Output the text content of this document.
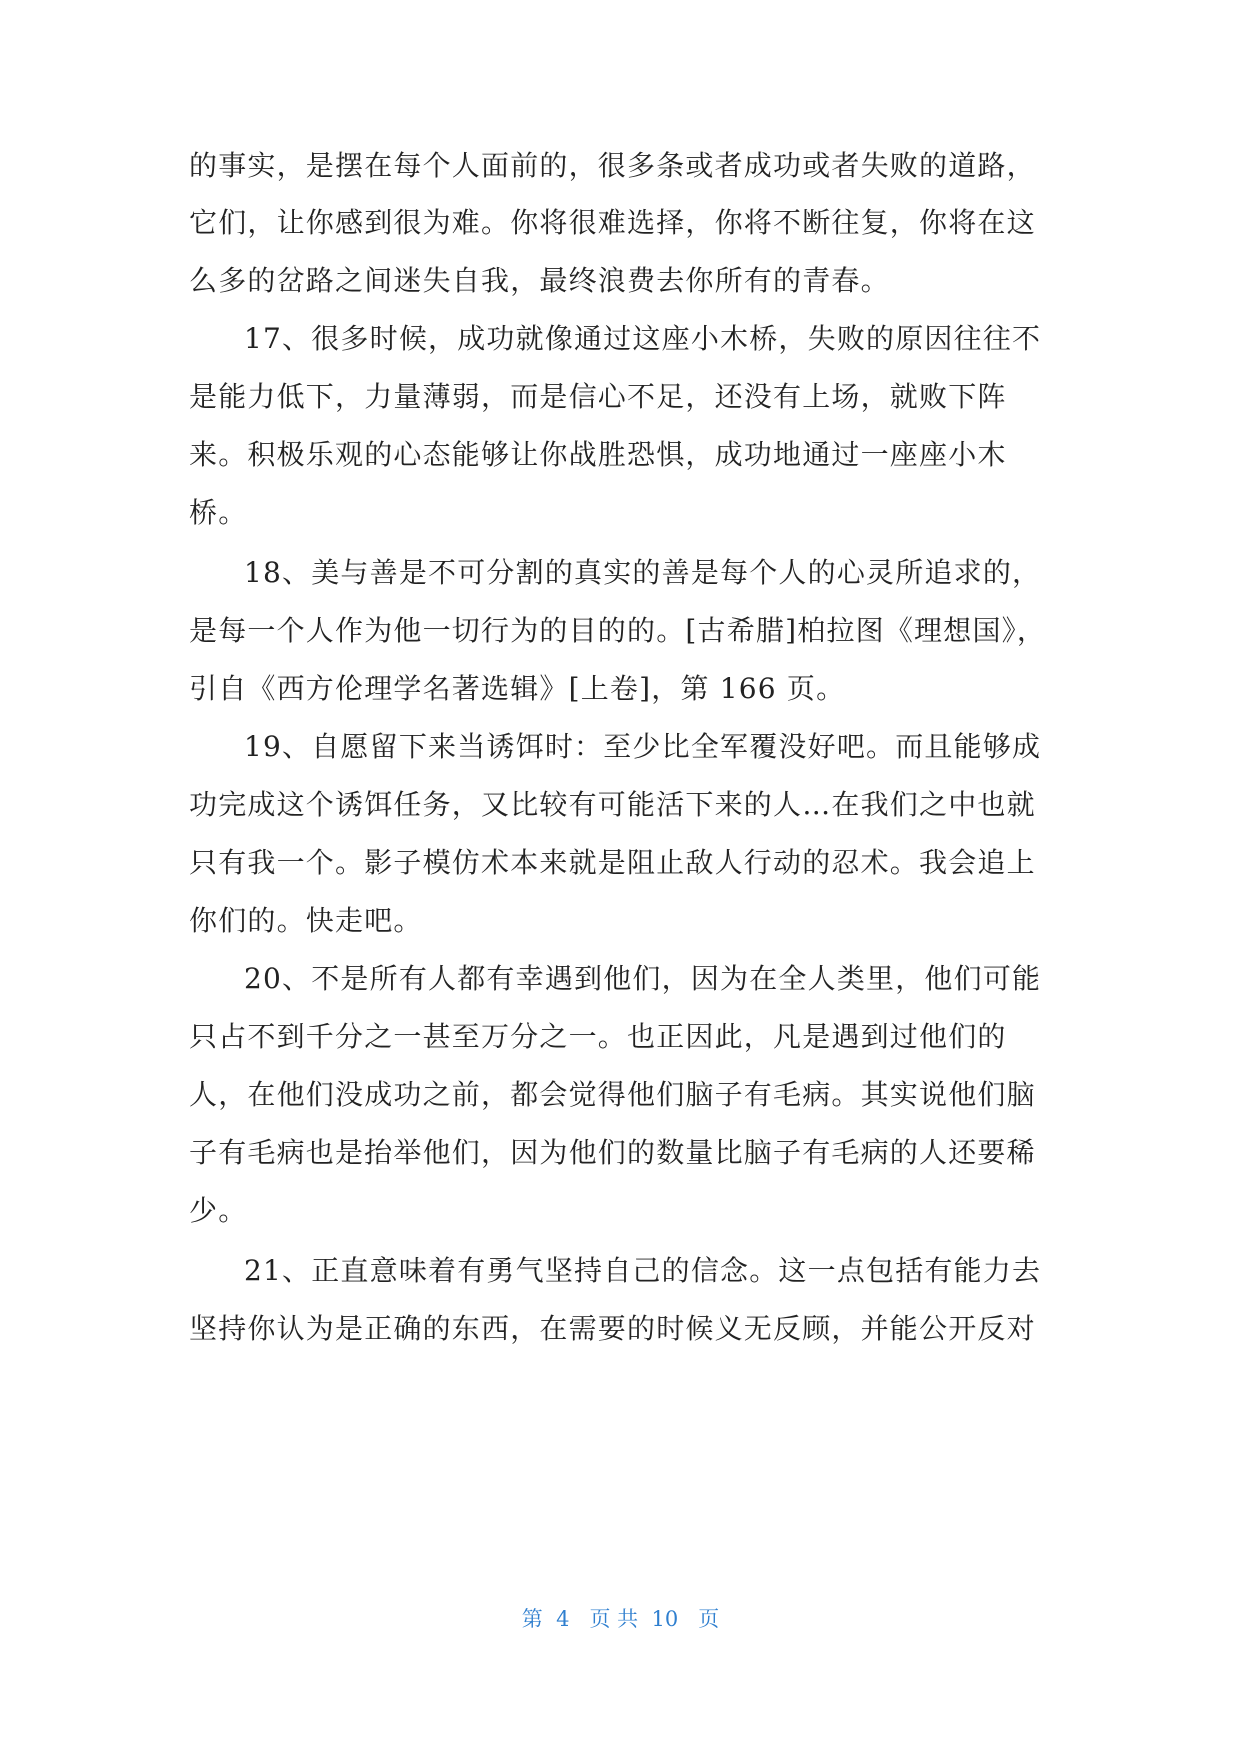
的事实，是摆在每个人面前的，很多条或者成功或者失败的道路，
它们，让你感到很为难。你将很难选择，你将不断往复，你将在这
么多的岔路之间迷失自我，最终浪费去你所有的青春。
17、很多时候，成功就像通过这座小木桥，失败的原因往往不
是能力低下，力量薄弱，而是信心不足，还没有上场，就败下阵
来。积极乐观的心态能够让你战胜恐惧，成功地通过一座座小木
桥。
18、美与善是不可分割的真实的善是每个人的心灵所追求的，
是每一个人作为他一切行为的目的的。[古希腊]柏拉图《理想国》，
引自《西方伦理学名著选辑》[上卷]，第 166 页。
19、自愿留下来当诱饵时：至少比全军覆没好吧。而且能够成
功完成这个诱饵任务，又比较有可能活下来的人…在我们之中也就
只有我一个。影子模仿术本来就是阻止敌人行动的忍术。我会追上
你们的。快走吧。
20、不是所有人都有幸遇到他们，因为在全人类里，他们可能
只占不到千分之一甚至万分之一。也正因此，凡是遇到过他们的
人，在他们没成功之前，都会觉得他们脑子有毛病。其实说他们脑
子有毛病也是抬举他们，因为他们的数量比脑子有毛病的人还要稀
少。
21、正直意味着有勇气坚持自己的信念。这一点包括有能力去
坚持你认为是正确的东西，在需要的时候义无反顾，并能公开反对
第  4   页 共  10   页
